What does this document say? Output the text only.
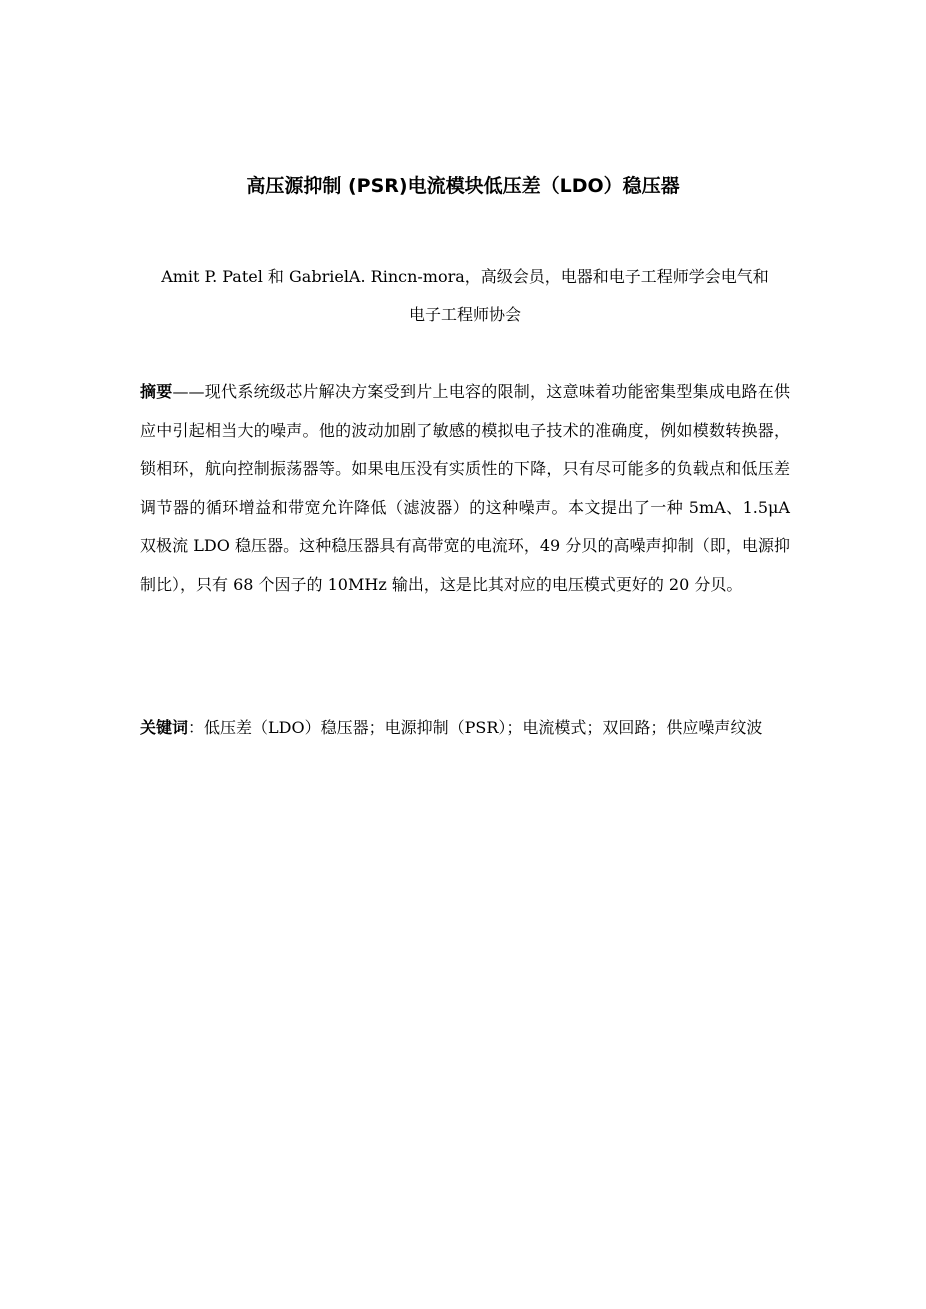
高压源抑制 (PSR)电流模块低压差（LDO）稳压器

Amit P. Patel 和 GabrielA. Rincn-mora，高级会员，电器和电子工程师学会电气和
电子工程师协会

摘要——现代系统级芯片解决方案受到片上电容的限制，这意味着功能密集型集成电路在供应中引起相当大的噪声。他的波动加剧了敏感的模拟电子技术的准确度，例如模数转换器，锁相环，航向控制振荡器等。如果电压没有实质性的下降，只有尽可能多的负载点和低压差调节器的循环增益和带宽允许降低（滤波器）的这种噪声。本文提出了一种 5mA、1.5μA 双极流 LDO 稳压器。这种稳压器具有高带宽的电流环，49 分贝的高噪声抑制（即，电源抑制比），只有 68 个因子的 10MHz 输出，这是比其对应的电压模式更好的 20 分贝。

关键词：低压差（LDO）稳压器；电源抑制（PSR）；电流模式；双回路；供应噪声纹波
